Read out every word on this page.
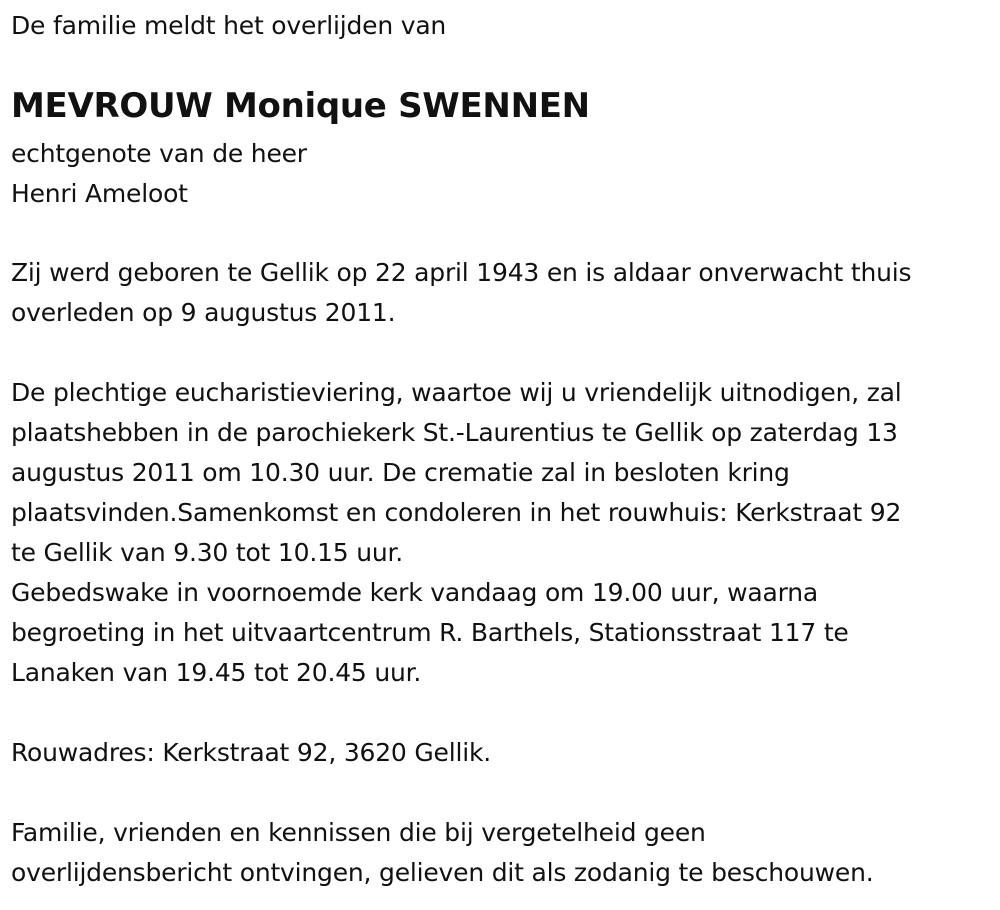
De familie meldt het overlijden van
MEVROUW Monique SWENNEN
echtgenote van de heer
Henri Ameloot
Zij werd geboren te Gellik op 22 april 1943 en is aldaar onverwacht thuis
overleden op 9 augustus 2011.
De plechtige eucharistieviering, waartoe wij u vriendelijk uitnodigen, zal
plaatshebben in de parochiekerk St.-Laurentius te Gellik op zaterdag 13
augustus 2011 om 10.30 uur. De crematie zal in besloten kring
plaatsvinden.Samenkomst en condoleren in het rouwhuis: Kerkstraat 92
te Gellik van 9.30 tot 10.15 uur.
Gebedswake in voornoemde kerk vandaag om 19.00 uur, waarna
begroeting in het uitvaartcentrum R. Barthels, Stationsstraat 117 te
Lanaken van 19.45 tot 20.45 uur.
Rouwadres: Kerkstraat 92, 3620 Gellik.
Familie, vrienden en kennissen die bij vergetelheid geen
overlijdensbericht ontvingen, gelieven dit als zodanig te beschouwen.
